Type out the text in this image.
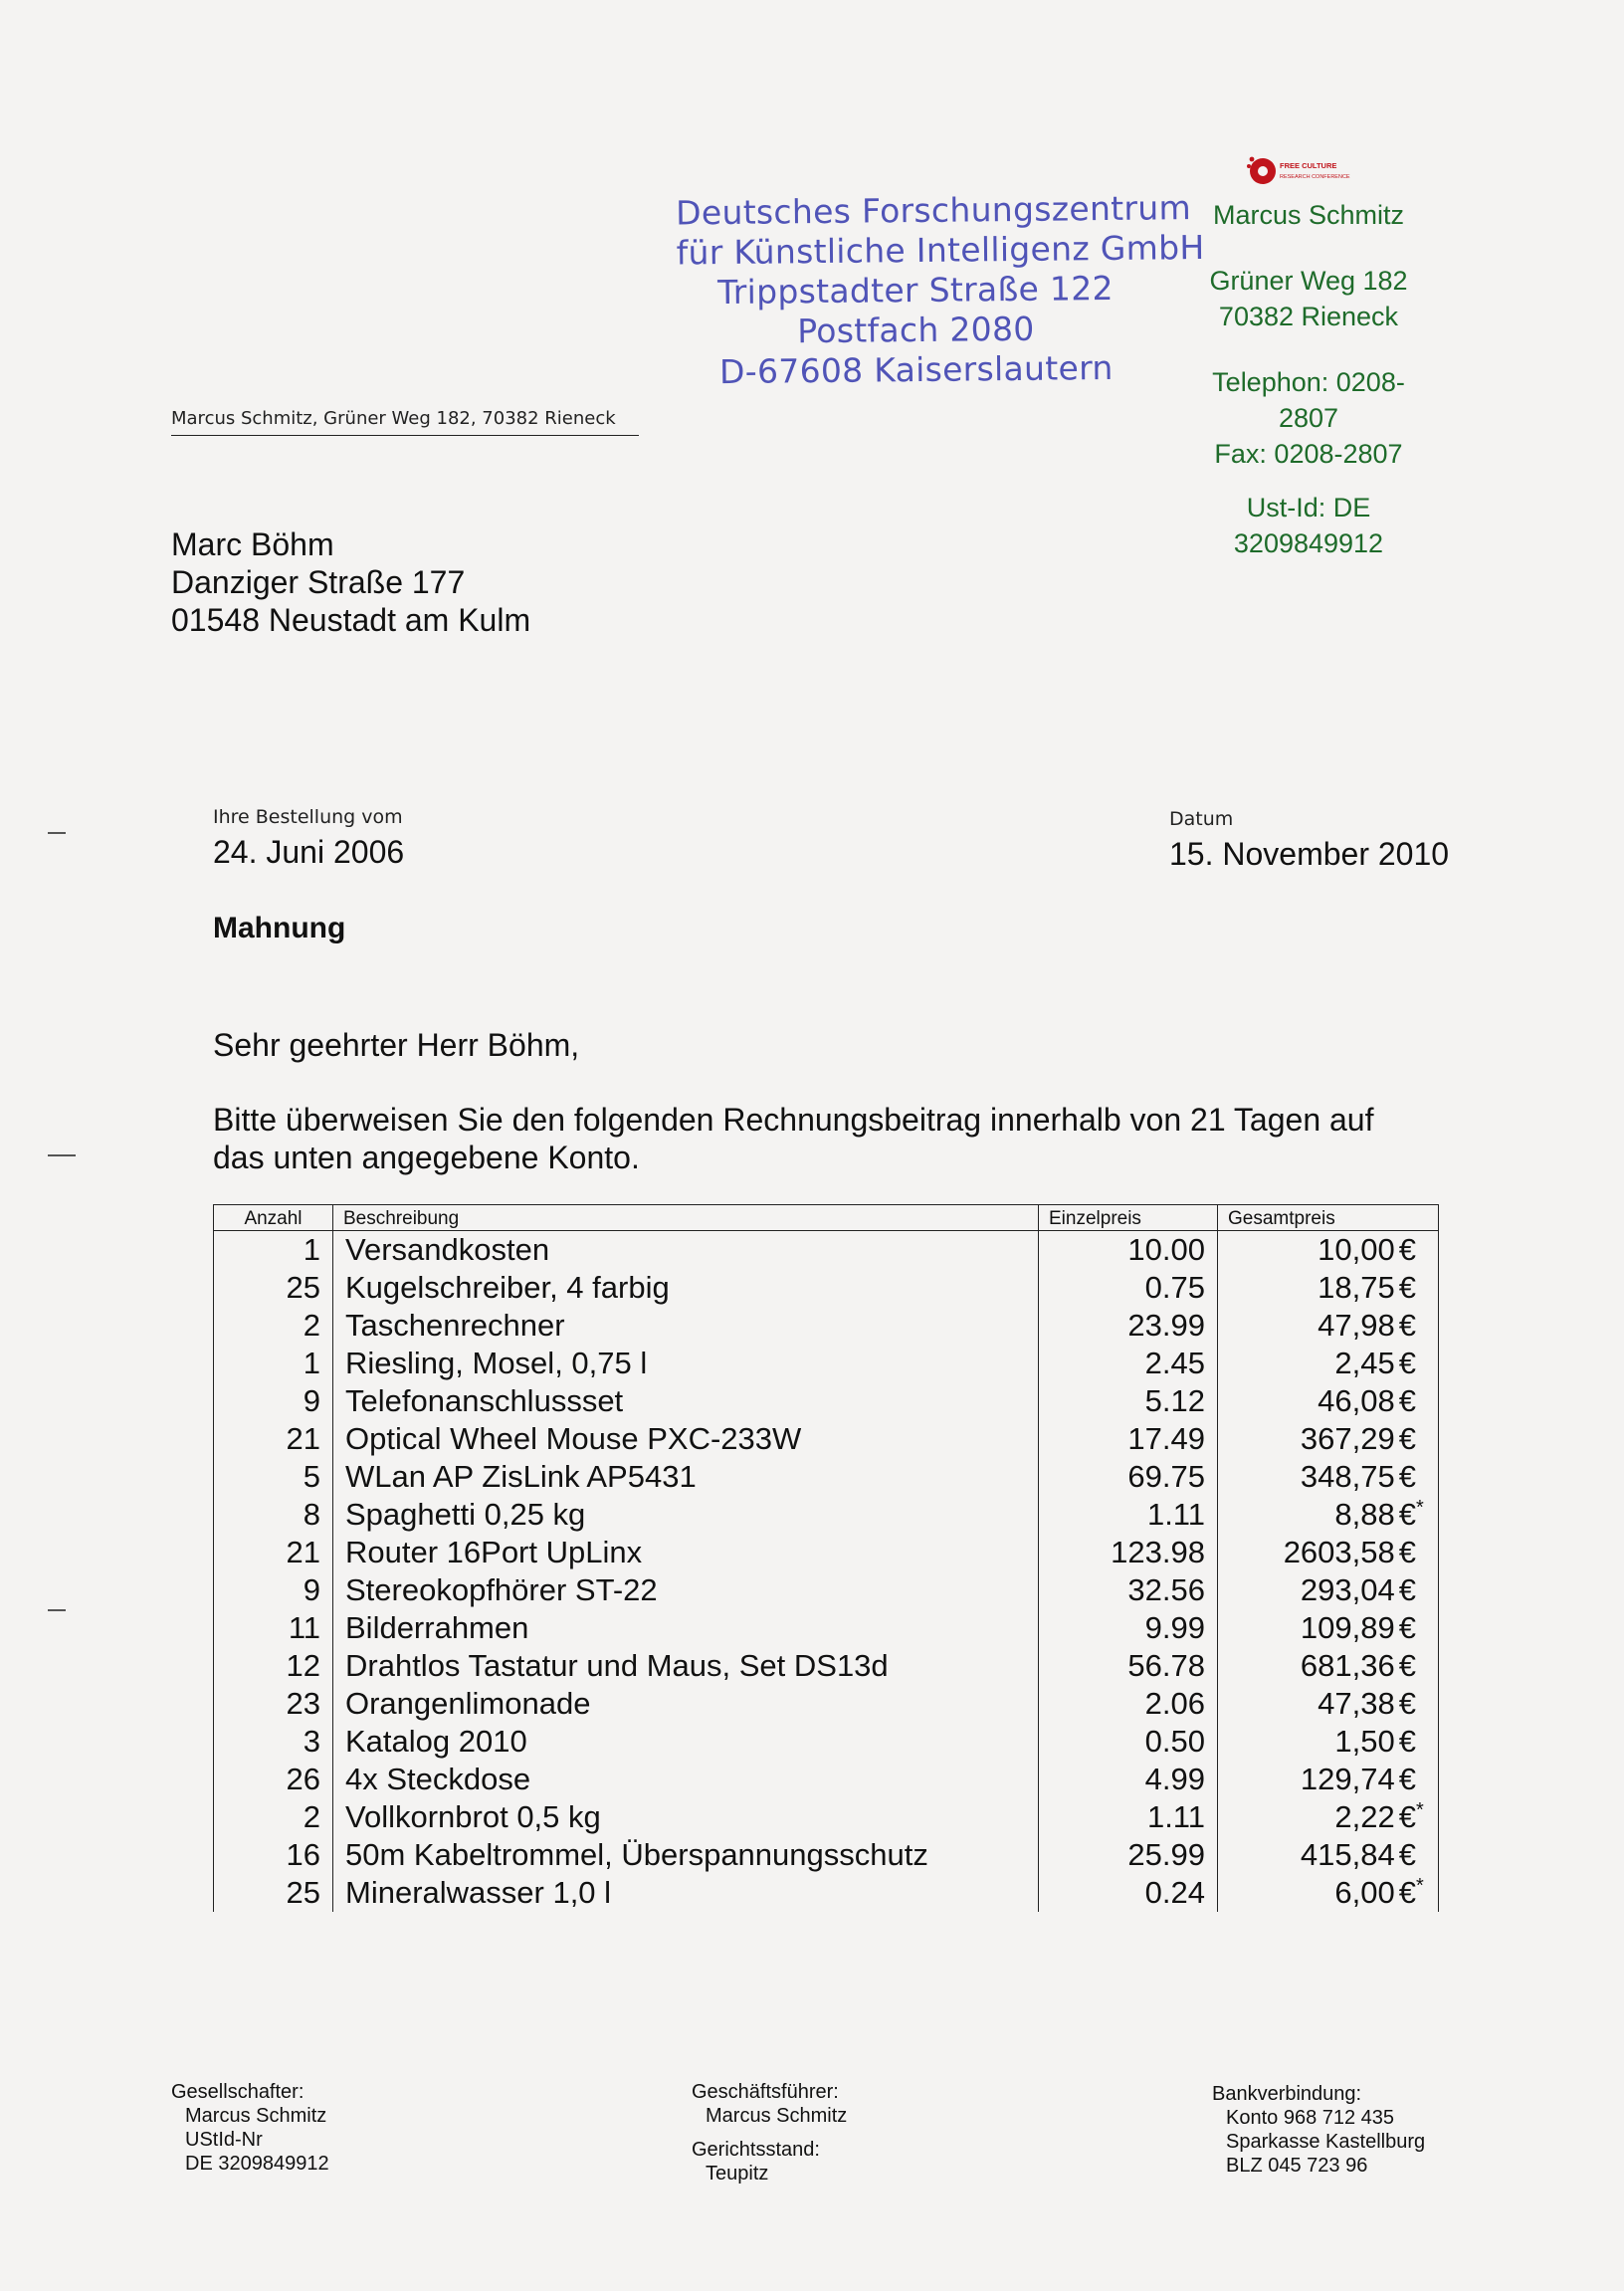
Deutsches Forschungszentrum
für Künstliche Intelligenz GmbH
Trippstadter Straße 122
Postfach 2080
D-67608 Kaiserslautern
FREE CULTURE
RESEARCH CONFERENCE
Marcus Schmitz
Grüner Weg 182
70382 Rieneck
Telephon: 0208-
2807
Fax: 0208-2807
Ust-Id: DE
3209849912
Marcus Schmitz, Grüner Weg 182, 70382 Rieneck
Marc Böhm
Danziger Straße 177
01548 Neustadt am Kulm
Ihre Bestellung vom
24. Juni 2006
Datum
15. November 2010
Mahnung
Sehr geehrter Herr Böhm,
Bitte überweisen Sie den folgenden Rechnungsbeitrag innerhalb von 21 Tagen auf
das unten angegebene Konto.
Anzahl	Beschreibung	Einzelpreis	Gesamtpreis
1	Versandkosten	10.00	10,00 €
25	Kugelschreiber, 4 farbig	0.75	18,75 €
2	Taschenrechner	23.99	47,98 €
1	Riesling, Mosel, 0,75 l	2.45	2,45 €
9	Telefonanschlussset	5.12	46,08 €
21	Optical Wheel Mouse PXC-233W	17.49	367,29 €
5	WLan AP ZisLink AP5431	69.75	348,75 €
8	Spaghetti 0,25 kg	1.11	8,88 €*
21	Router 16Port UpLinx	123.98	2603,58 €
9	Stereokopfhörer ST-22	32.56	293,04 €
11	Bilderrahmen	9.99	109,89 €
12	Drahtlos Tastatur und Maus, Set DS13d	56.78	681,36 €
23	Orangenlimonade	2.06	47,38 €
3	Katalog 2010	0.50	1,50 €
26	4x Steckdose	4.99	129,74 €
2	Vollkornbrot 0,5 kg	1.11	2,22 €*
16	50m Kabeltrommel, Überspannungsschutz	25.99	415,84 €
25	Mineralwasser 1,0 l	0.24	6,00 €*
Gesellschafter:
Marcus Schmitz
UStId-Nr
DE 3209849912
Geschäftsführer:
Marcus Schmitz
Gerichtsstand:
Teupitz
Bankverbindung:
Konto 968 712 435
Sparkasse Kastellburg
BLZ 045 723 96
